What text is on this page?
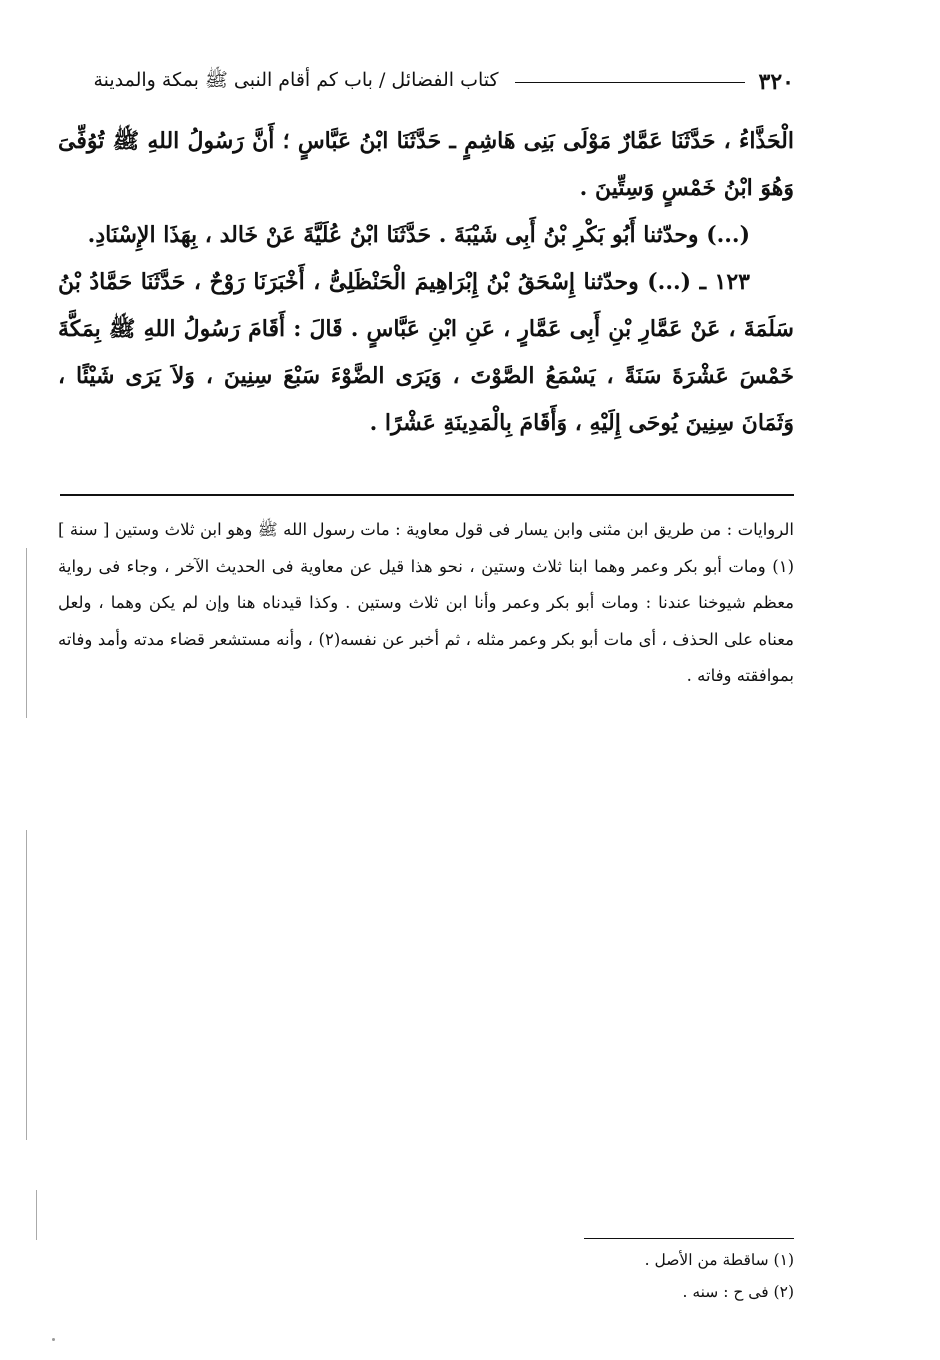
٣٢٠
كتاب الفضائل / باب كم أقام النبى ﷺ بمكة والمدينة

الْحَذَّاءُ ، حَدَّثَنَا عَمَّارٌ مَوْلَى بَنِى هَاشِمٍ ـ حَدَّثَنَا ابْنُ عَبَّاسٍ ؛ أَنَّ رَسُولُ اللهِ ﷺ تُوُفِّىَ وَهُوَ ابْنُ خَمْسٍ وَسِتِّينَ .

(...) وحدّثنا أَبُو بَكْرِ بْنُ أَبِى شَيْبَةَ . حَدَّثَنَا ابْنُ عُلَيَّةَ عَنْ خَالد ، بِهَذَا الإِسْنَادِ.

١٢٣ ـ (...) وحدّثنا إِسْحَقُ بْنُ إِبْرَاهِيمَ الْحَنْظَلِىُّ ، أَخْبَرَنَا رَوْحٌ ، حَدَّثَنَا حَمَّادُ بْنُ سَلَمَةَ ، عَنْ عَمَّارِ بْنِ أَبِى عَمَّارٍ ، عَنِ ابْنِ عَبَّاسٍ . قَالَ : أَقَامَ رَسُولُ اللهِ ﷺ بِمَكَّةَ خَمْسَ عَشْرَةَ سَنَةً ، يَسْمَعُ الصَّوْتَ ، وَيَرَى الضَّوْءَ سَبْعَ سِنِينَ ، وَلاَ يَرَى شَيْئًا ، وَثَمَانَ سِنِينَ يُوحَى إِلَيْهِ ، وَأَقَامَ بِالْمَدِينَةِ عَشْرًا .

الروايات : من طريق ابن مثنى وابن يسار فى قول معاوية : مات رسول الله ﷺ وهو ابن ثلاث وستين [ سنة ] (١) ومات أبو بكر وعمر وهما ابنا ثلاث وستين ، نحو هذا قيل عن معاوية فى الحديث الآخر ، وجاء فى رواية معظم شيوخنا عندنا : ومات أبو بكر وعمر وأنا ابن ثلاث وستين . وكذا قيدناه هنا وإن لم يكن وهما ، ولعل معناه على الحذف ، أى مات أبو بكر وعمر مثله ، ثم أخبر عن نفسه(٢) ، وأنه مستشعر قضاء مدته وأمد وفاته بموافقته وفاته .

(١) ساقطة من الأصل .
(٢) فى ح : سنه .
